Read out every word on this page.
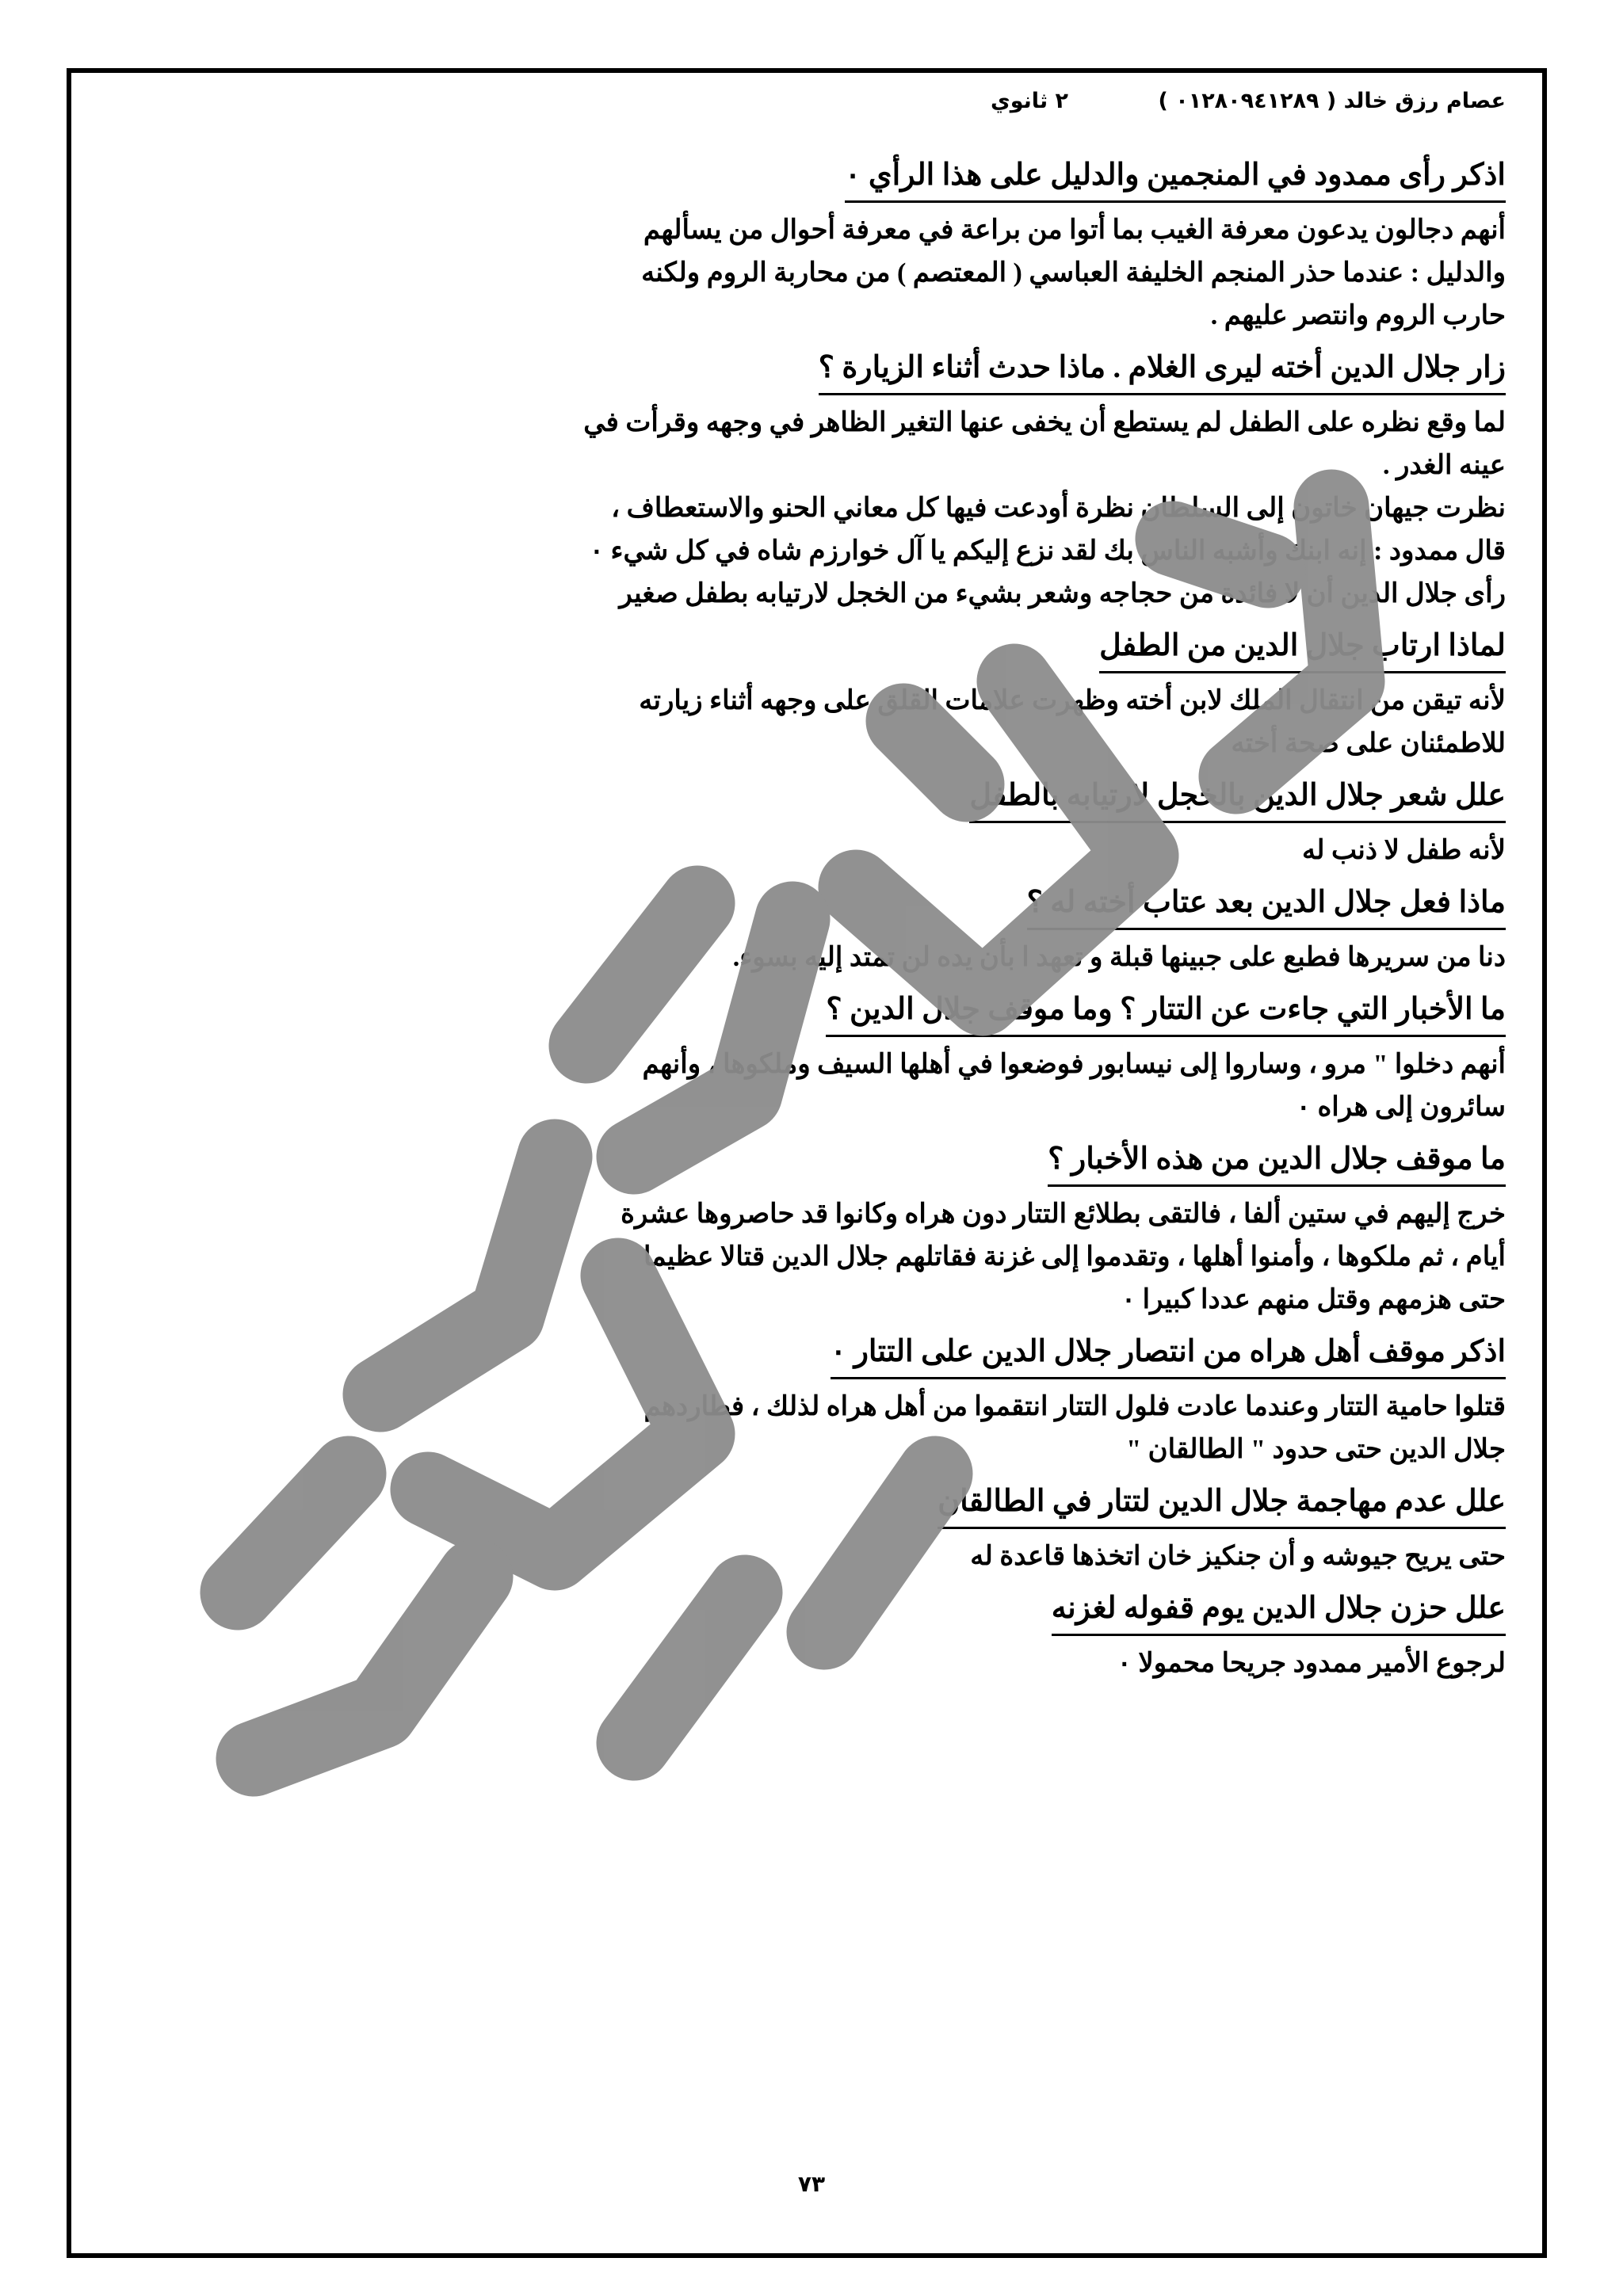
عصام رزق خالد ( ٠١٢٨٠٩٤١٢٨٩ )
٢ ثانوي
اذكر رأى ممدود في المنجمين والدليل على هذا الرأي ٠

أنهم دجالون يدعون معرفة الغيب بما أتوا من براعة في معرفة أحوال من يسألهم

والدليل : عندما حذر المنجم الخليفة العباسي ( المعتصم ) من محاربة الروم ولكنه

حارب الروم وانتصر عليهم .

زار جلال الدين أخته ليرى الغلام . ماذا حدث أثناء الزيارة ؟

لما وقع نظره على الطفل لم يستطع أن يخفى عنها التغير الظاهر في وجهه وقرأت في

عينه الغدر .

نظرت جيهان خاتون إلى السلطان نظرة أودعت فيها كل معاني الحنو والاستعطاف ،

قال ممدود : إنه ابنك وأشبه الناس بك لقد نزع إليكم يا آل خوارزم شاه في كل شيء ٠

رأى جلال الدين أن لا فائدة من حجاجه وشعر بشيء من الخجل لارتيابه بطفل صغير

لماذا ارتاب جلال الدين من الطفل

لأنه تيقن من انتقال الملك لابن أخته وظهرت علامات القلق على وجهه أثناء زيارته

للاطمئنان على صحة أخته

علل شعر جلال الدين بالخجل لارتيابه بالطفل

لأنه طفل لا ذنب له

ماذا فعل جلال الدين بعد عتاب أخته له ؟

دنا من سريرها فطبع على جبينها قبلة و تعهد ا بأن يده لن تمتد إليه بسوء.

ما الأخبار التي جاءت عن التتار ؟ وما موقف جلال الدين ؟

أنهم دخلوا " مرو ، وساروا إلى نيسابور فوضعوا في أهلها السيف وملكوها ، وأنهم

سائرون إلى هراه ٠

ما موقف جلال الدين من هذه الأخبار ؟

خرج إليهم في ستين ألفا ، فالتقى بطلائع التتار دون هراه وكانوا قد حاصروها عشرة

أيام ، ثم ملكوها ، وأمنوا أهلها ، وتقدموا إلى غزنة فقاتلهم جلال الدين قتالا عظيما

حتى هزمهم وقتل منهم عددا كبيرا ٠

اذكر موقف أهل هراه من انتصار جلال الدين على التتار ٠

قتلوا حامية التتار وعندما عادت فلول التتار انتقموا من أهل هراه لذلك ، فطاردهم

جلال الدين حتى حدود " الطالقان "

علل عدم مهاجمة جلال الدين لتتار في الطالقان

حتى يريح جيوشه و أن جنكيز خان اتخذها قاعدة له

علل حزن جلال الدين يوم قفوله لغزنه

لرجوع الأمير ممدود جريحا محمولا ٠

٧٣
